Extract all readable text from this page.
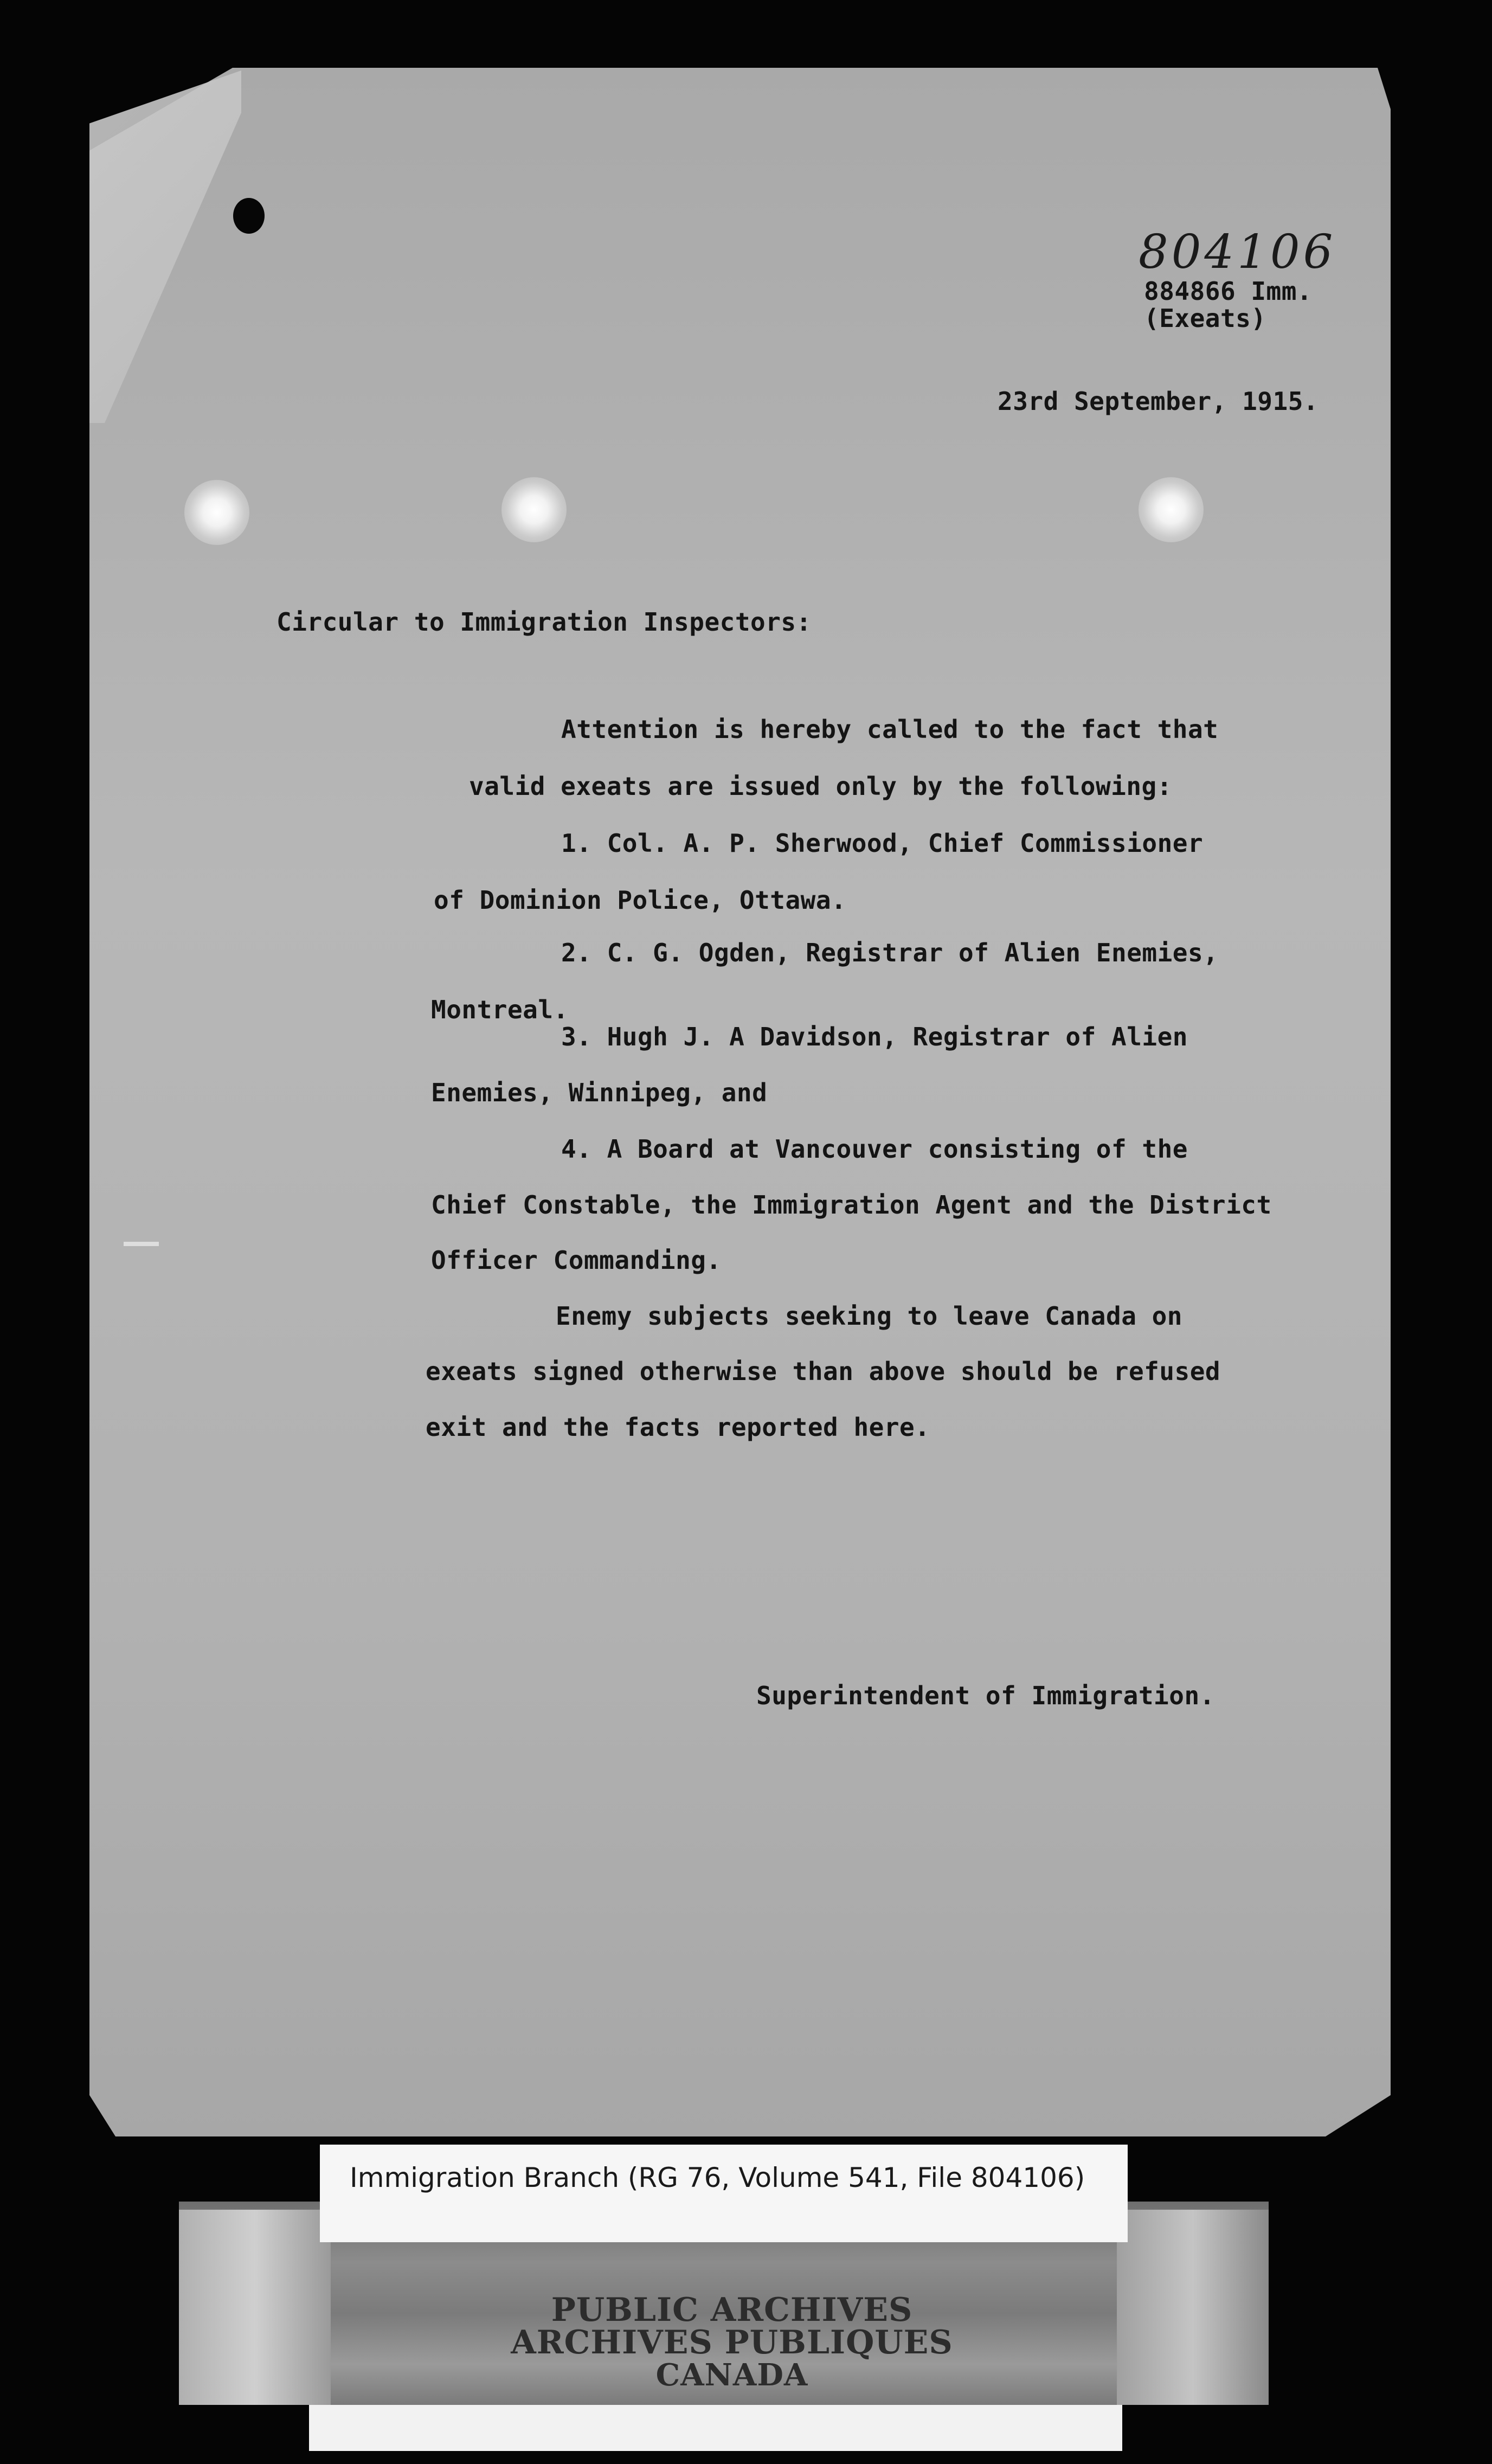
804106
884866 Imm.
(Exeats)
23rd September, 1915.
Circular to Immigration Inspectors:
Attention is hereby called to the fact that
valid exeats are issued only by the following:
1. Col. A. P. Sherwood, Chief Commissioner
of Dominion Police, Ottawa.
2. C. G. Ogden, Registrar of Alien Enemies,
Montreal.
3. Hugh J. A Davidson, Registrar of Alien
Enemies, Winnipeg, and
4. A Board at Vancouver consisting of the
Chief Constable, the Immigration Agent and the District
Officer Commanding.
Enemy subjects seeking to leave Canada on
exeats signed otherwise than above should be refused
exit and the facts reported here.
Superintendent of Immigration.
Immigration Branch (RG 76, Volume 541, File 804106)
PUBLIC ARCHIVES
ARCHIVES PUBLIQUES
CANADA
